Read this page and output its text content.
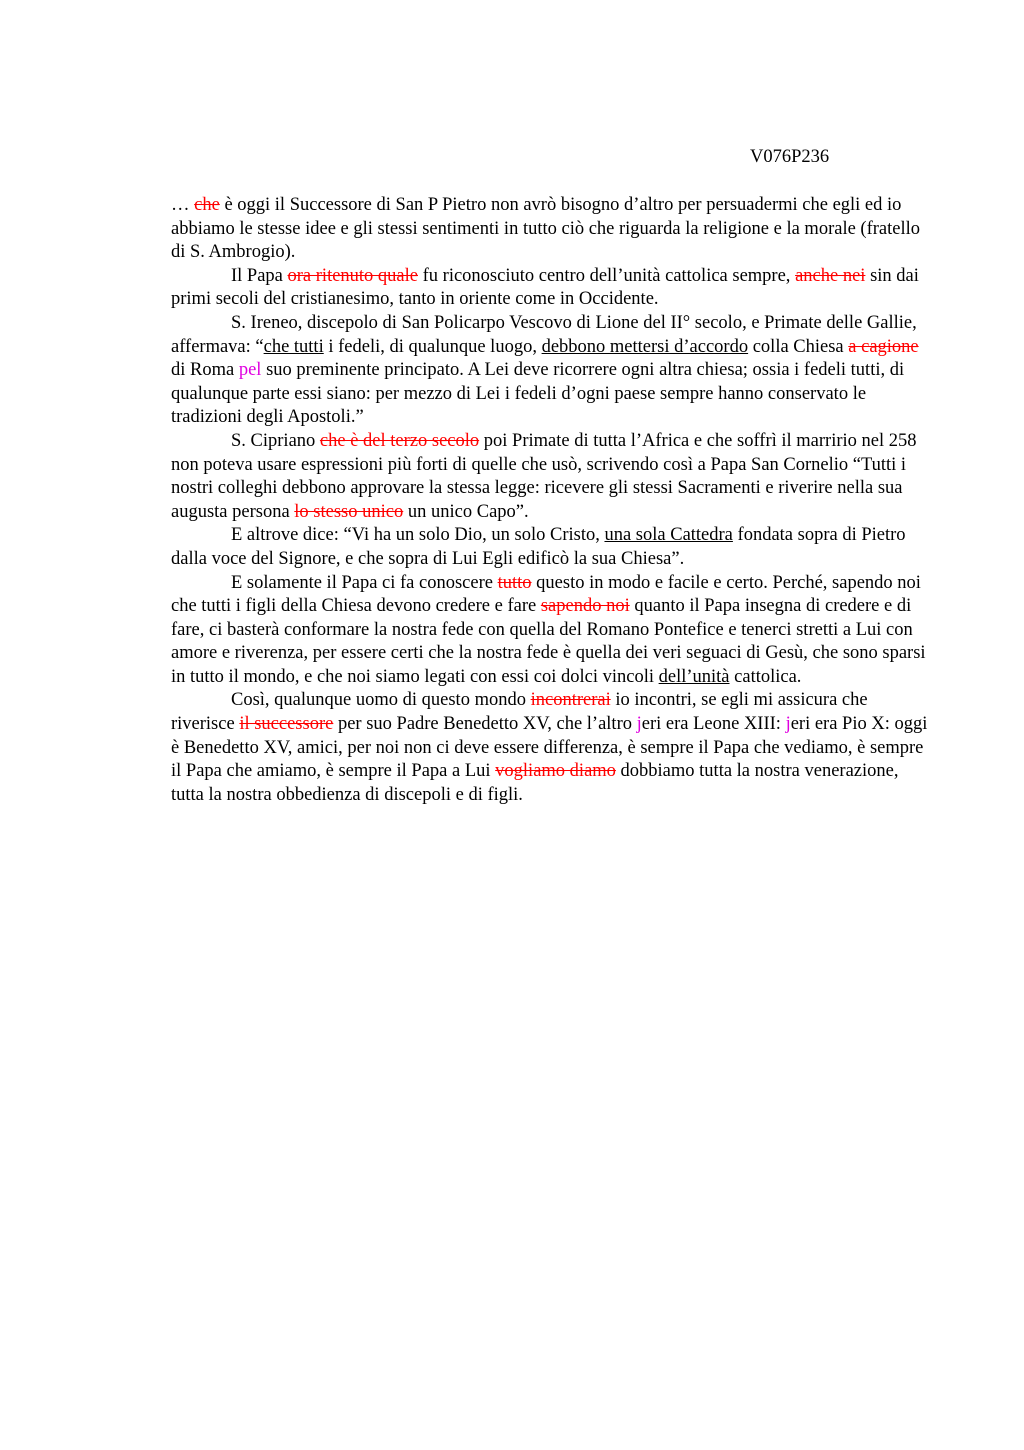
V076P236

… che è oggi il Successore di San P Pietro non avrò bisogno d’altro per persuadermi che egli ed io abbiamo le stesse idee e gli stessi sentimenti in tutto ciò che riguarda la religione e la morale (fratello di S. Ambrogio).

Il Papa ora ritenuto quale fu riconosciuto centro dell’unità cattolica sempre, anche nei sin dai primi secoli del cristianesimo, tanto in oriente come in Occidente.

S. Ireneo, discepolo di San Policarpo Vescovo di Lione del II° secolo, e Primate delle Gallie, affermava: “che tutti i fedeli, di qualunque luogo, debbono mettersi d’accordo colla Chiesa a cagione di Roma pel suo preminente principato. A Lei deve ricorrere ogni altra chiesa; ossia i fedeli tutti, di qualunque parte essi siano: per mezzo di Lei i fedeli d’ogni paese sempre hanno conservato le tradizioni degli Apostoli.”

S. Cipriano che è del terzo secolo poi Primate di tutta l’Africa e che soffrì il marririo nel 258 non poteva usare espressioni più forti di quelle che usò, scrivendo così a Papa San Cornelio “Tutti i nostri colleghi debbono approvare la stessa legge: ricevere gli stessi Sacramenti e riverire nella sua augusta persona lo stesso unico un unico Capo”.

E altrove dice: “Vi ha un solo Dio, un solo Cristo, una sola Cattedra fondata sopra di Pietro dalla voce del Signore, e che sopra di Lui Egli edificò la sua Chiesa”.

E solamente il Papa ci fa conoscere tutto questo in modo e facile e certo. Perché, sapendo noi che tutti i figli della Chiesa devono credere e fare sapendo noi quanto il Papa insegna di credere e di fare, ci basterà conformare la nostra fede con quella del Romano Pontefice e tenerci stretti a Lui con amore e riverenza, per essere certi che la nostra fede è quella dei veri seguaci di Gesù, che sono sparsi in tutto il mondo, e che noi siamo legati con essi coi dolci vincoli dell’unità cattolica.

Così, qualunque uomo di questo mondo incontrerai io incontri, se egli mi assicura che riverisce il successore per suo Padre Benedetto XV, che l’altro jeri era Leone XIII: jeri era Pio X: oggi è Benedetto XV, amici, per noi non ci deve essere differenza, è sempre il Papa che vediamo, è sempre il Papa che amiamo, è sempre il Papa a Lui vogliamo diamo dobbiamo tutta la nostra venerazione, tutta la nostra obbedienza di discepoli e di figli.
